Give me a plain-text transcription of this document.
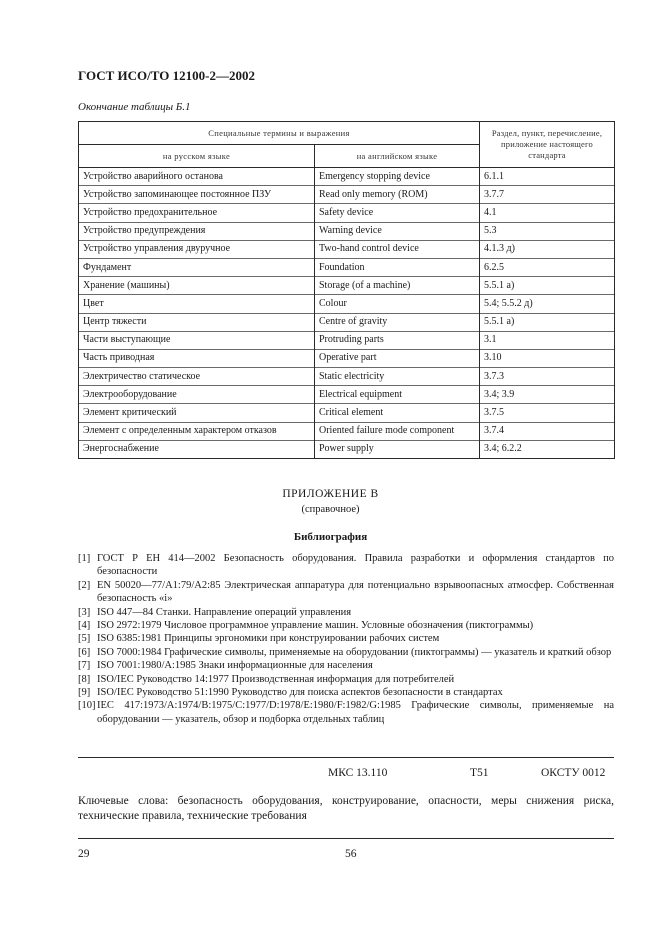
ГОСТ ИСО/ТО 12100-2—2002
Окончание таблицы Б.1
Специальные термины и выражения		Раздел, пункт, перечисление, приложение настоящего стандарта
на русском языке	на английском языке	
Устройство аварийного останова	Emergency stopping device	6.1.1
Устройство запоминающее постоянное ПЗУ	Read only memory (ROM)	3.7.7
Устройство предохранительное	Safety device	4.1
Устройство предупреждения	Warning device	5.3
Устройство управления двуручное	Two-hand control device	4.1.3 д)
Фундамент	Foundation	6.2.5
Хранение (машины)	Storage (of a machine)	5.5.1 а)
Цвет	Colour	5.4; 5.5.2 д)
Центр тяжести	Centre of gravity	5.5.1 а)
Части выступающие	Protruding parts	3.1
Часть приводная	Operative part	3.10
Электричество статическое	Static electricity	3.7.3
Электрооборудование	Electrical equipment	3.4; 3.9
Элемент критический	Critical element	3.7.5
Элемент с определенным характером отказов	Oriented failure mode component	3.7.4
Энергоснабжение	Power supply	3.4; 6.2.2
ПРИЛОЖЕНИЕ В
(справочное)
Библиография
[1] ГОСТ Р ЕН 414—2002 Безопасность оборудования. Правила разработки и оформления стандартов по безопасности
[2] EN 50020—77/A1:79/A2:85 Электрическая аппаратура для потенциально взрывоопасных атмосфер. Собственная безопасность «i»
[3] ISO 447—84 Станки. Направление операций управления
[4] ISO 2972:1979 Числовое программное управление машин. Условные обозначения (пиктограммы)
[5] ISO 6385:1981 Принципы эргономики при конструировании рабочих систем
[6] ISO 7000:1984 Графические символы, применяемые на оборудовании (пиктограммы) — указатель и краткий обзор
[7] ISO 7001:1980/A:1985 Знаки информационные для населения
[8] ISO/IEC Руководство 14:1977 Производственная информация для потребителей
[9] ISO/IEC Руководство 51:1990 Руководство для поиска аспектов безопасности в стандартах
[10] IEC 417:1973/A:1974/B:1975/C:1977/D:1978/E:1980/F:1982/G:1985 Графические символы, применяемые на оборудовании — указатель, обзор и подборка отдельных таблиц
МКС 13.110	Т51	ОКСТУ 0012
Ключевые слова: безопасность оборудования, конструирование, опасности, меры снижения риска, технические правила, технические требования
29	56
